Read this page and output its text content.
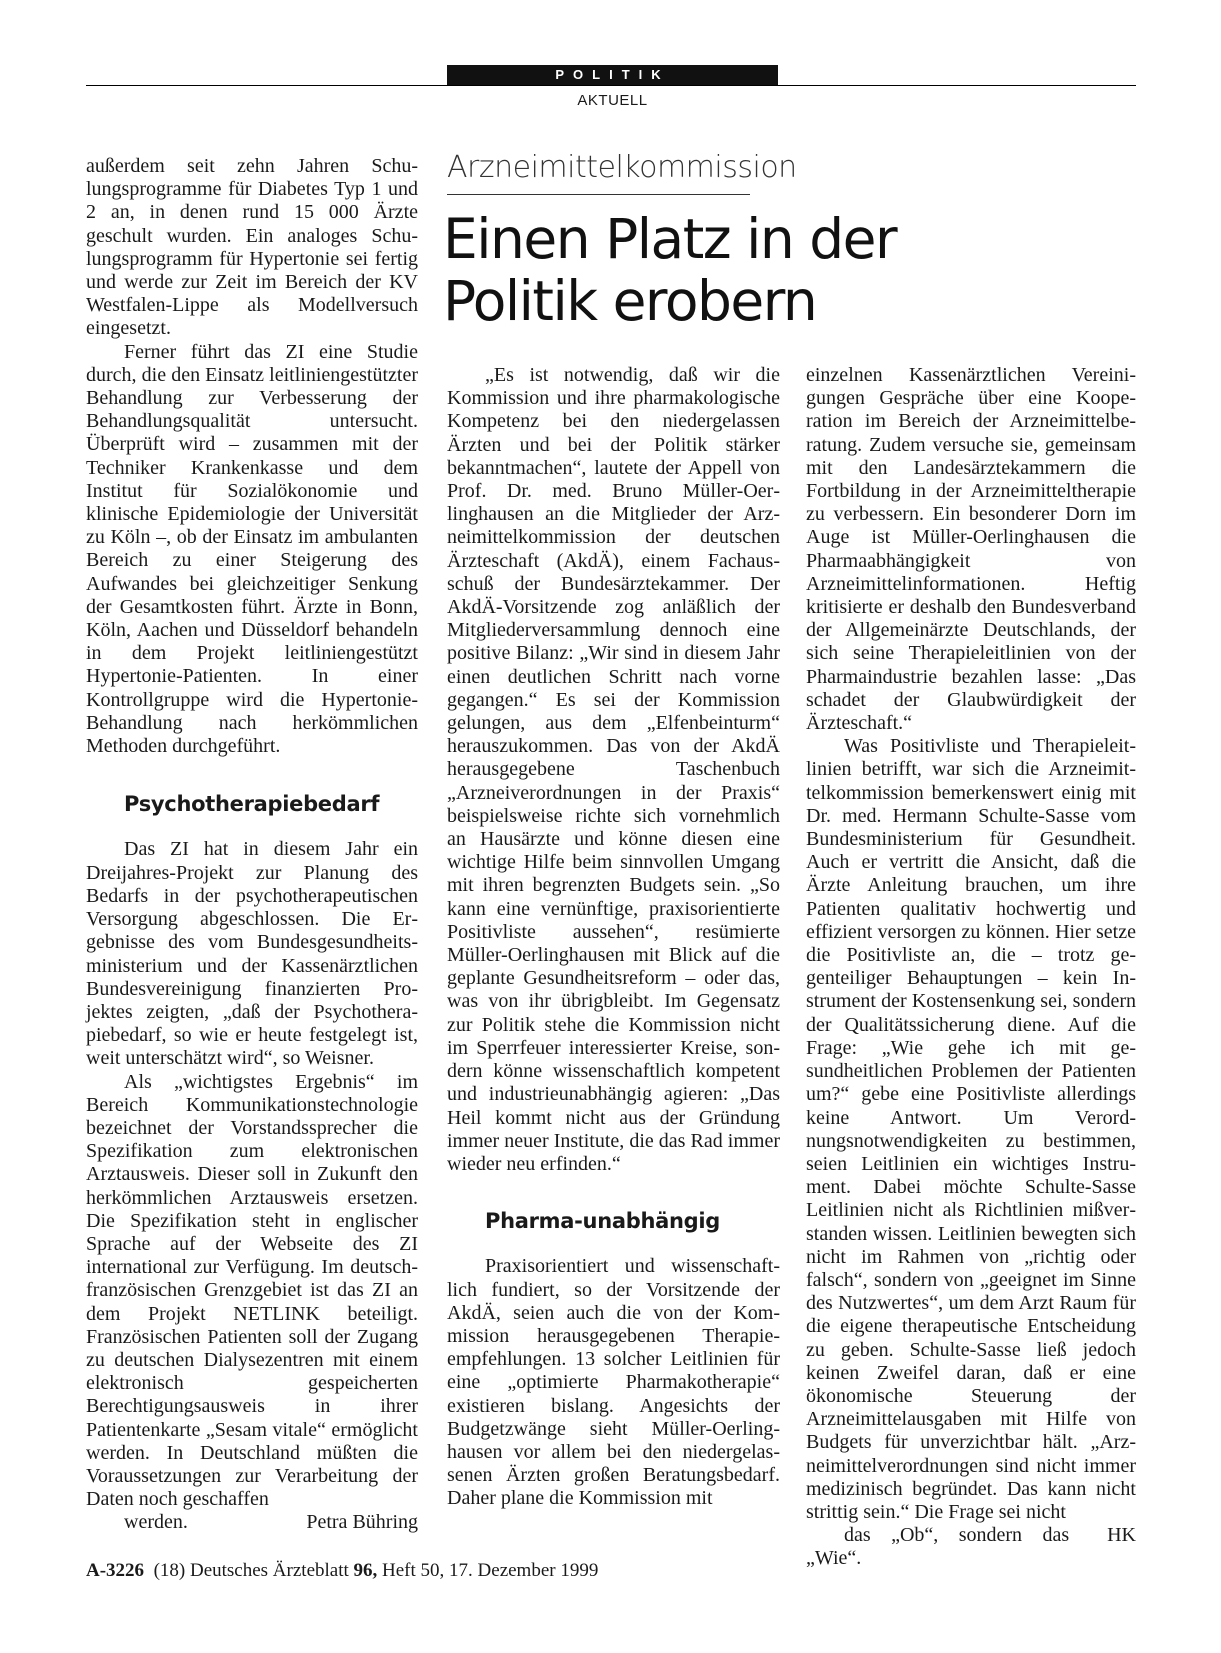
POLITIK
AKTUELL

außerdem seit zehn Jahren Schulungsprogramme für Diabetes Typ 1 und 2 an, in denen rund 15 000 Ärzte geschult wurden. Ein analoges Schulungsprogramm für Hypertonie sei fertig und werde zur Zeit im Bereich der KV Westfalen-Lippe als Modellversuch eingesetzt.

Ferner führt das ZI eine Studie durch, die den Einsatz leitliniengestützter Behandlung zur Verbesserung der Behandlungsqualität untersucht. Überprüft wird – zusammen mit der Techniker Krankenkasse und dem Institut für Sozialökonomie und klinische Epidemiologie der Universität zu Köln –, ob der Einsatz im ambulanten Bereich zu einer Steigerung des Aufwandes bei gleichzeitiger Senkung der Gesamtkosten führt. Ärzte in Bonn, Köln, Aachen und Düsseldorf behandeln in dem Projekt leitliniengestützt Hypertonie-Patienten. In einer Kontrollgruppe wird die Hypertonie-Behandlung nach herkömmlichen Methoden durchgeführt.

Psychotherapiebedarf

Das ZI hat in diesem Jahr ein Dreijahres-Projekt zur Planung des Bedarfs in der psychotherapeutischen Versorgung abgeschlossen. Die Ergebnisse des vom Bundesgesundheitsministerium und der Kassenärztlichen Bundesvereinigung finanzierten Projektes zeigten, „daß der Psychotherapiebedarf, so wie er heute festgelegt ist, weit unterschätzt wird“, so Weisner.

Als „wichtigstes Ergebnis“ im Bereich Kommunikationstechnologie bezeichnet der Vorstandssprecher die Spezifikation zum elektronischen Arztausweis. Dieser soll in Zukunft den herkömmlichen Arztausweis ersetzen. Die Spezifikation steht in englischer Sprache auf der Webseite des ZI international zur Verfügung. Im deutsch-französischen Grenzgebiet ist das ZI an dem Projekt NETLINK beteiligt. Französischen Patienten soll der Zugang zu deutschen Dialysezentren mit einem elektronisch gespeicherten Berechtigungsausweis in ihrer Patientenkarte „Sesam vitale“ ermöglicht werden. In Deutschland müßten die Voraussetzungen zur Verarbeitung der Daten noch geschaffen

werden.	Petra Bühring

Arzneimittelkommission
Einen Platz in der
Politik erobern

„Es ist notwendig, daß wir die Kommission und ihre pharmakologische Kompetenz bei den niedergelassen Ärzten und bei der Politik stärker bekanntmachen“, lautete der Appell von Prof. Dr. med. Bruno Müller-Oerlinghausen an die Mitglieder der Arzneimittelkommission der deutschen Ärzteschaft (AkdÄ), einem Fachausschuß der Bundesärztekammer. Der AkdÄ-Vorsitzende zog anläßlich der Mitgliederversammlung dennoch eine positive Bilanz: „Wir sind in diesem Jahr einen deutlichen Schritt nach vorne gegangen.“ Es sei der Kommission gelungen, aus dem „Elfenbeinturm“ herauszukommen. Das von der AkdÄ herausgegebene Taschenbuch „Arzneiverordnungen in der Praxis“ beispielsweise richte sich vornehmlich an Hausärzte und könne diesen eine wichtige Hilfe beim sinnvollen Umgang mit ihren begrenzten Budgets sein. „So kann eine vernünftige, praxisorientierte Positivliste aussehen“, resümierte Müller-Oerlinghausen mit Blick auf die geplante Gesundheitsreform – oder das, was von ihr übrigbleibt. Im Gegensatz zur Politik stehe die Kommission nicht im Sperrfeuer interessierter Kreise, sondern könne wissenschaftlich kompetent und industrieunabhängig agieren: „Das Heil kommt nicht aus der Gründung immer neuer Institute, die das Rad immer wieder neu erfinden.“

Pharma-unabhängig

Praxisorientiert und wissenschaftlich fundiert, so der Vorsitzende der AkdÄ, seien auch die von der Kommission herausgegebenen Therapieempfehlungen. 13 solcher Leitlinien für eine „optimierte Pharmakotherapie“ existieren bislang. Angesichts der Budgetzwänge sieht Müller-Oerlinghausen vor allem bei den niedergelassenen Ärzten großen Beratungsbedarf. Daher plane die Kommission mit

einzelnen Kassenärztlichen Vereinigungen Gespräche über eine Kooperation im Bereich der Arzneimittelberatung. Zudem versuche sie, gemeinsam mit den Landesärztekammern die Fortbildung in der Arzneimitteltherapie zu verbessern. Ein besonderer Dorn im Auge ist Müller-Oerlinghausen die Pharmaabhängigkeit von Arzneimittelinformationen. Heftig kritisierte er deshalb den Bundesverband der Allgemeinärzte Deutschlands, der sich seine Therapieleitlinien von der Pharmaindustrie bezahlen lasse: „Das schadet der Glaubwürdigkeit der Ärzteschaft.“

Was Positivliste und Therapieleitlinien betrifft, war sich die Arzneimittelkommission bemerkenswert einig mit Dr. med. Hermann Schulte-Sasse vom Bundesministerium für Gesundheit. Auch er vertritt die Ansicht, daß die Ärzte Anleitung brauchen, um ihre Patienten qualitativ hochwertig und effizient versorgen zu können. Hier setze die Positivliste an, die – trotz gegenteiliger Behauptungen – kein Instrument der Kostensenkung sei, sondern der Qualitätssicherung diene. Auf die Frage: „Wie gehe ich mit gesundheitlichen Problemen der Patienten um?“ gebe eine Positivliste allerdings keine Antwort. Um Verordnungsnotwendigkeiten zu bestimmen, seien Leitlinien ein wichtiges Instrument. Dabei möchte Schulte-Sasse Leitlinien nicht als Richtlinien mißverstanden wissen. Leitlinien bewegten sich nicht im Rahmen von „richtig oder falsch“, sondern von „geeignet im Sinne des Nutzwertes“, um dem Arzt Raum für die eigene therapeutische Entscheidung zu geben. Schulte-Sasse ließ jedoch keinen Zweifel daran, daß er eine ökonomische Steuerung der Arzneimittelausgaben mit Hilfe von Budgets für unverzichtbar hält. „Arzneimittelverordnungen sind nicht immer medizinisch begründet. Das kann nicht strittig sein.“ Die Frage sei nicht

das „Ob“, sondern das „Wie“.
HK

A-3226 (18) Deutsches Ärzteblatt 96, Heft 50, 17. Dezember 1999
